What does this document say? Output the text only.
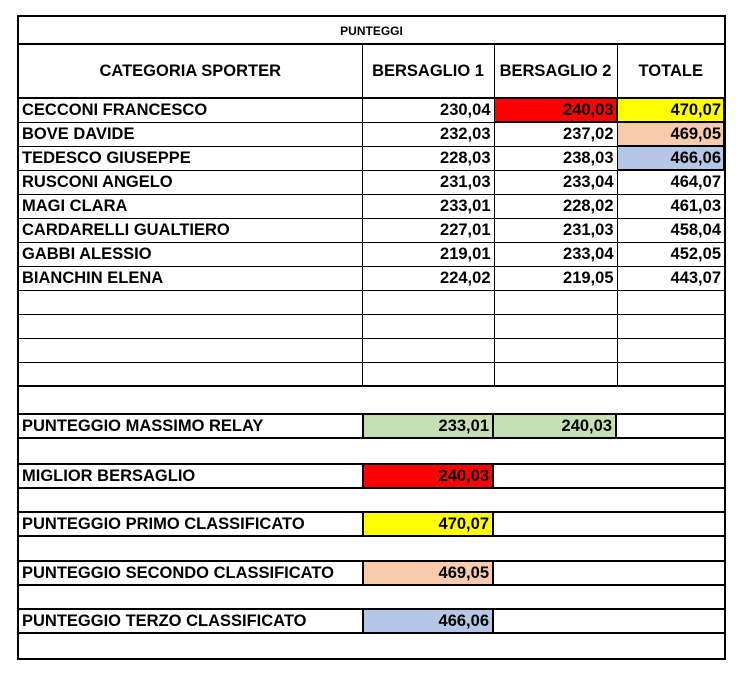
PUNTEGGI
CATEGORIA SPORTER	BERSAGLIO 1	BERSAGLIO 2	TOTALE
CECCONI FRANCESCO	230,04	240,03	470,07
BOVE DAVIDE	232,03	237,02	469,05
TEDESCO GIUSEPPE	228,03	238,03	466,06
RUSCONI ANGELO	231,03	233,04	464,07
MAGI CLARA	233,01	228,02	461,03
CARDARELLI GUALTIERO	227,01	231,03	458,04
GABBI ALESSIO	219,01	233,04	452,05
BIANCHIN ELENA	224,02	219,05	443,07

PUNTEGGIO MASSIMO RELAY	233,01	240,03
MIGLIOR BERSAGLIO	240,03
PUNTEGGIO PRIMO CLASSIFICATO	470,07
PUNTEGGIO SECONDO CLASSIFICATO	469,05
PUNTEGGIO TERZO CLASSIFICATO	466,06
